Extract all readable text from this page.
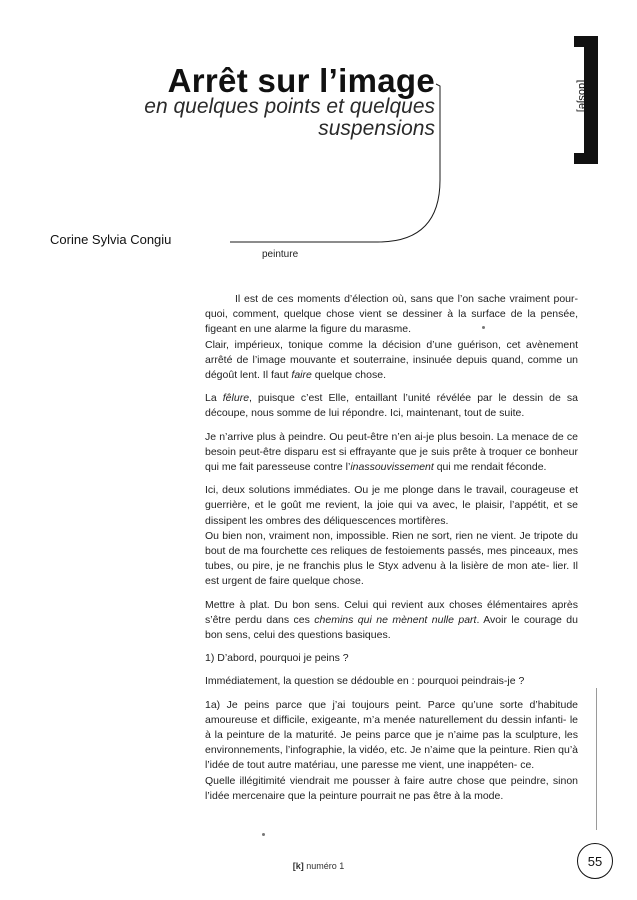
Arrêt sur l’image
en quelques points et quelques
suspensions
Corine Sylvia Congiu
peinture
[dosje]

Il est de ces moments d’élection où, sans que l’on sache vraiment pour- quoi, comment, quelque chose vient se dessiner à la surface de la pensée, figeant en une alarme la figure du marasme.
Clair, impérieux, tonique comme la décision d’une guérison, cet avènement arrêté de l’image mouvante et souterraine, insinuée depuis quand, comme un dégoût lent. Il faut faire quelque chose.

La fêlure, puisque c’est Elle, entaillant l’unité révélée par le dessin de sa découpe, nous somme de lui répondre. Ici, maintenant, tout de suite.

Je n’arrive plus à peindre. Ou peut-être n’en ai-je plus besoin. La menace de ce besoin peut-être disparu est si effrayante que je suis prête à troquer ce bonheur qui me fait paresseuse contre l’inassouvissement qui me rendait féconde.

Ici, deux solutions immédiates. Ou je me plonge dans le travail, courageuse et guerrière, et le goût me revient, la joie qui va avec, le plaisir, l’appétit, et se dissipent les ombres des déliquescences mortifères.
Ou bien non, vraiment non, impossible. Rien ne sort, rien ne vient. Je tripote du bout de ma fourchette ces reliques de festoiements passés, mes pinceaux, mes tubes, ou pire, je ne franchis plus le Styx advenu à la lisière de mon ate- lier. Il est urgent de faire quelque chose.

Mettre à plat. Du bon sens. Celui qui revient aux choses élémentaires après s’être perdu dans ces chemins qui ne mènent nulle part. Avoir le courage du bon sens, celui des questions basiques.

1) D’abord, pourquoi je peins ?

Immédiatement, la question se dédouble en : pourquoi peindrais-je ?

1a) Je peins parce que j’ai toujours peint. Parce qu’une sorte d’habitude amoureuse et difficile, exigeante, m’a menée naturellement du dessin infanti- le à la peinture de la maturité. Je peins parce que je n’aime pas la sculpture, les environnements, l’infographie, la vidéo, etc. Je n’aime que la peinture. Rien qu’à l’idée de tout autre matériau, une paresse me vient, une inappéten- ce.
Quelle illégitimité viendrait me pousser à faire autre chose que peindre, sinon l’idée mercenaire que la peinture pourrait ne pas être à la mode.

[k] numéro 1	55
